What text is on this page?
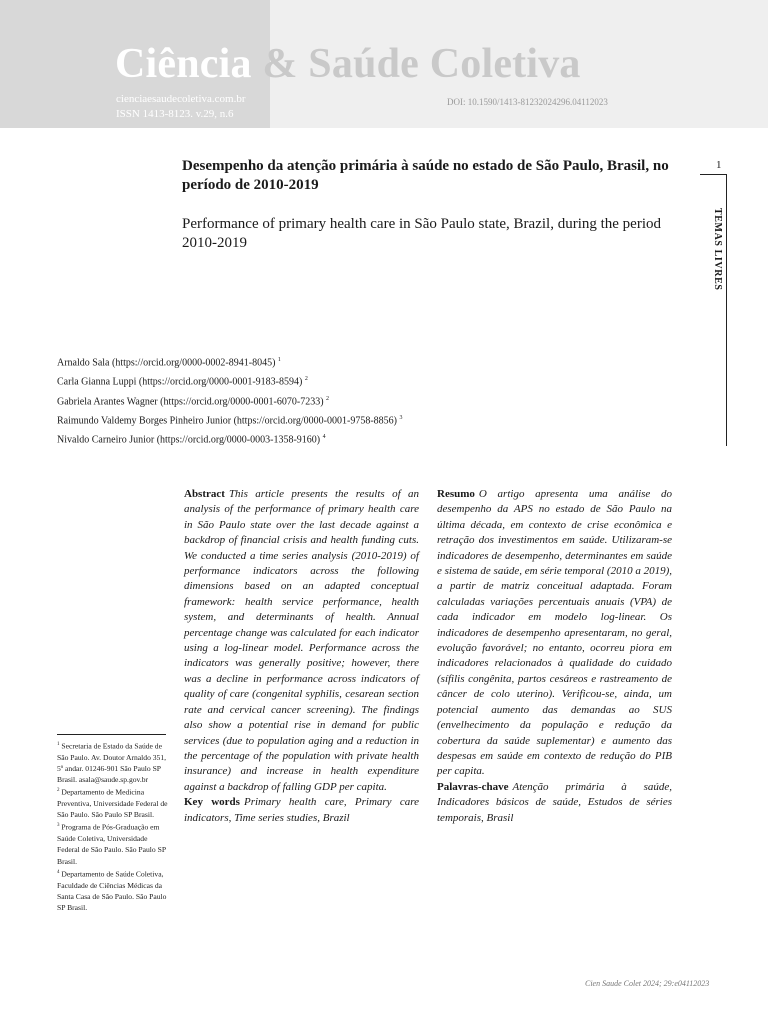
Ciência & Saúde Coletiva
cienciaesaudecoletiva.com.br
ISSN 1413-8123. v.29, n.6
DOI: 10.1590/1413-81232024296.04112023
1
TEMAS LIVRES
Desempenho da atenção primária à saúde no estado de São Paulo, Brasil, no período de 2010-2019
Performance of primary health care in São Paulo state, Brazil, during the period 2010-2019
Arnaldo Sala (https://orcid.org/0000-0002-8941-8045) $^1$
Carla Gianna Luppi (https://orcid.org/0000-0001-9183-8594) $^2$
Gabriela Arantes Wagner (https://orcid.org/0000-0001-6070-7233) $^2$
Raimundo Valdemy Borges Pinheiro Junior (https://orcid.org/0000-0001-9758-8856) $^3$
Nivaldo Carneiro Junior (https://orcid.org/0000-0003-1358-9160) $^4$
Abstract This article presents the results of an analysis of the performance of primary health care in São Paulo state over the last decade against a backdrop of financial crisis and health funding cuts. We conducted a time series analysis (2010-2019) of performance indicators across the following dimensions based on an adapted conceptual framework: health service performance, health system, and determinants of health. Annual percentage change was calculated for each indicator using a log-linear model. Performance across the indicators was generally positive; however, there was a decline in performance across indicators of quality of care (congenital syphilis, cesarean section rate and cervical cancer screening). The findings also show a potential rise in demand for public services (due to population aging and a reduction in the percentage of the population with private health insurance) and increase in health expenditure against a backdrop of falling GDP per capita.
Key words Primary health care, Primary care indicators, Time series studies, Brazil
Resumo O artigo apresenta uma análise do desempenho da APS no estado de São Paulo na última década, em contexto de crise econômica e retração dos investimentos em saúde. Utilizaram-se indicadores de desempenho, determinantes em saúde e sistema de saúde, em série temporal (2010 a 2019), a partir de matriz conceitual adaptada. Foram calculadas variações percentuais anuais (VPA) de cada indicador em modelo log-linear. Os indicadores de desempenho apresentaram, no geral, evolução favorável; no entanto, ocorreu piora em indicadores relacionados à qualidade do cuidado (sífilis congênita, partos cesáreos e rastreamento de câncer de colo uterino). Verificou-se, ainda, um potencial aumento das demandas ao SUS (envelhecimento da população e redução da cobertura da saúde suplementar) e aumento das despesas em saúde em contexto de redução do PIB per capita.
Palavras-chave Atenção primária à saúde, Indicadores básicos de saúde, Estudos de séries temporais, Brasil
$^1$ Secretaria de Estado da Saúde de São Paulo. Av. Doutor Arnaldo 351, 5º andar. 01246-901 São Paulo SP Brasil. asala@saude.sp.gov.br
$^2$ Departamento de Medicina Preventiva, Universidade Federal de São Paulo. São Paulo SP Brasil.
$^3$ Programa de Pós-Graduação em Saúde Coletiva, Universidade Federal de São Paulo. São Paulo SP Brasil.
$^4$ Departamento de Saúde Coletiva, Faculdade de Ciências Médicas da Santa Casa de São Paulo. São Paulo SP Brasil.
Cien Saude Colet 2024; 29:e04112023
